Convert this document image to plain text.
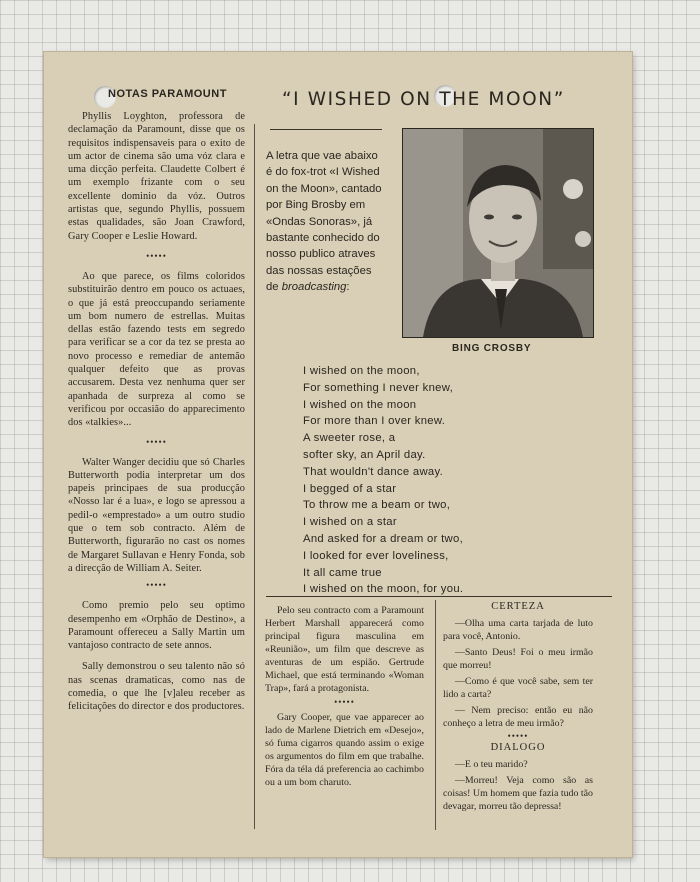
NOTAS PARAMOUNT	“I WISHED ON THE MOON”

Phyllis Loyghton, professora de declamação da Paramount, disse que os requisitos indispensaveis para o exito de um actor de cinema são uma vóz clara e uma dicção perfeita. Claudette Colbert é um exemplo frizante com o seu excellente dominio da vóz. Outros artistas que, segundo Phyllis, possuem estas qualidades, são Joan Crawford, Gary Cooper e Leslie Howard.

•••••

Ao que parece, os films coloridos substituirão dentro em pouco os actuaes, o que já está preoccupando seriamente um bom numero de estrellas. Muitas dellas estão fazendo tests em segredo para verificar se a cor da tez se presta ao novo processo e remediar de antemão qualquer defeito que as provas accusarem. Desta vez nenhuma quer ser apanhada de surpreza al como se verificou por occasião do apparecimento dos «talkies»...

•••••

Walter Wanger decidiu que só Charles Butterworth podia interpretar um dos papeis principaes de sua producção «Nosso lar é a lua», e logo se apressou a pedil-o «emprestado» a um outro studio que o tem sob contracto. Além de Butterworth, figurarão no cast os nomes de Margaret Sullavan e Henry Fonda, sob a direcção de William A. Seiter.

•••••

Como premio pelo seu optimo desempenho em «Orphão de Destino», a Paramount offereceu a Sally Martin um vantajoso contracto de sete annos.

Sally demonstrou o seu talento não só nas scenas dramaticas, como nas de comedia, o que lhe [v]aleu receber as felicitações do director e dos productores.

A letra que vae abaixo é do fox-trot «I Wished on the Moon», cantado por Bing Brosby em «Ondas Sonoras», já bastante conhecido do nosso publico atraves das nossas estações de broadcasting:
BING CROSBY
I wished on the moon,
For something I never knew,
I wished on the moon
For more than I over knew.
A sweeter rose, a
softer sky, an April day.
That wouldn't dance away.
I begged of a star
To throw me a beam or two,
I wished on a star
And asked for a dream or two,
I looked for ever loveliness,
It all came true
I wished on the moon, for you.

Pelo seu contracto com a Paramount Herbert Marshall apparecerá como principal figura masculina em «Reunião», um film que descreve as aventuras de um espião. Gertrude Michael, que está terminando «Woman Trap», fará a protagonista.

•••••

Gary Cooper, que vae apparecer ao lado de Marlene Dietrich em «Desejo», só fuma cigarros quando assim o exige os argumentos do film em que trabalhe. Fóra da téla dá preferencia ao cachimbo ou a um bom charuto.

CERTEZA

—Olha uma carta tarjada de luto para você, Antonio.

—Santo Deus! Foi o meu irmão que morreu!

—Como é que você sabe, sem ter lido a carta?

— Nem preciso: então eu não conheço a letra de meu irmão?

•••••
DIALOGO

—E o teu marido?

—Morreu! Veja como são as coisas! Um homem que fazia tudo tão devagar, morreu tão depressa!
